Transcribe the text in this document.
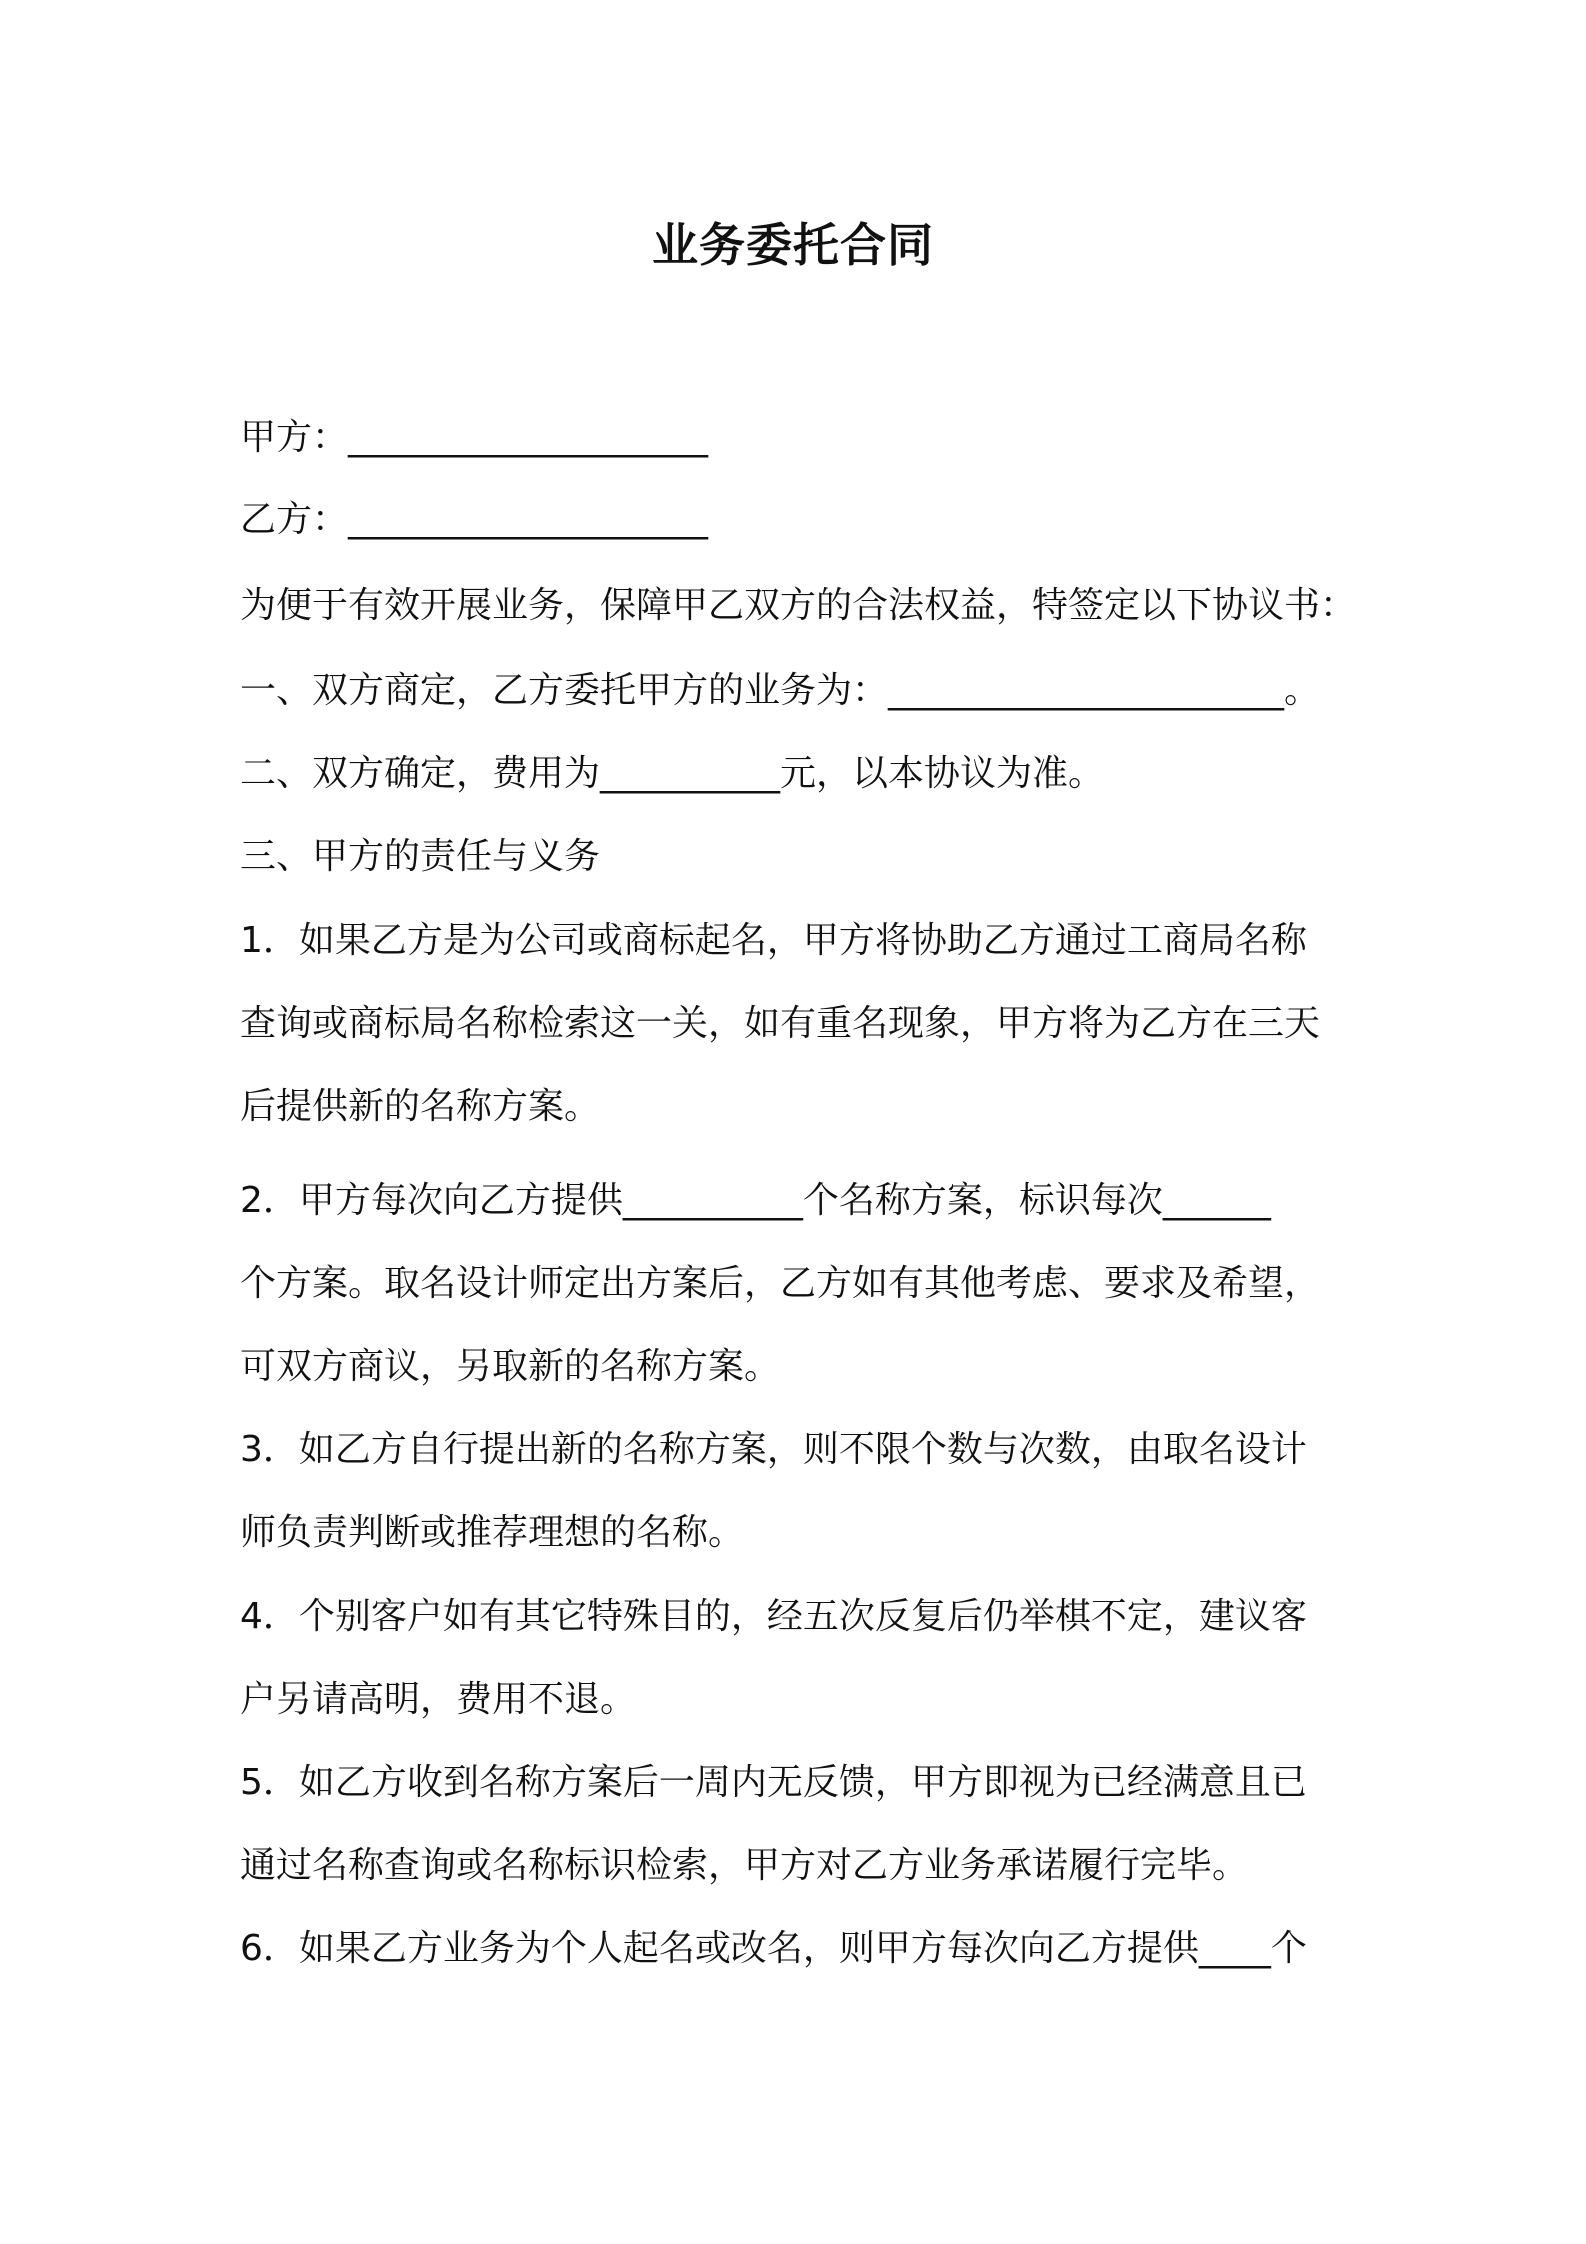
业务委托合同
甲方：____________________
乙方：____________________
为便于有效开展业务，保障甲乙双方的合法权益，特签定以下协议书：
一、双方商定，乙方委托甲方的业务为：______________________。
二、双方确定，费用为__________元，以本协议为准。
三、甲方的责任与义务
1．如果乙方是为公司或商标起名，甲方将协助乙方通过工商局名称
查询或商标局名称检索这一关，如有重名现象，甲方将为乙方在三天
后提供新的名称方案。
2．甲方每次向乙方提供__________个名称方案，标识每次______
个方案。取名设计师定出方案后，乙方如有其他考虑、要求及希望，
可双方商议，另取新的名称方案。
3．如乙方自行提出新的名称方案，则不限个数与次数，由取名设计
师负责判断或推荐理想的名称。
4．个别客户如有其它特殊目的，经五次反复后仍举棋不定，建议客
户另请高明，费用不退。
5．如乙方收到名称方案后一周内无反馈，甲方即视为已经满意且已
通过名称查询或名称标识检索，甲方对乙方业务承诺履行完毕。
6．如果乙方业务为个人起名或改名，则甲方每次向乙方提供____个
